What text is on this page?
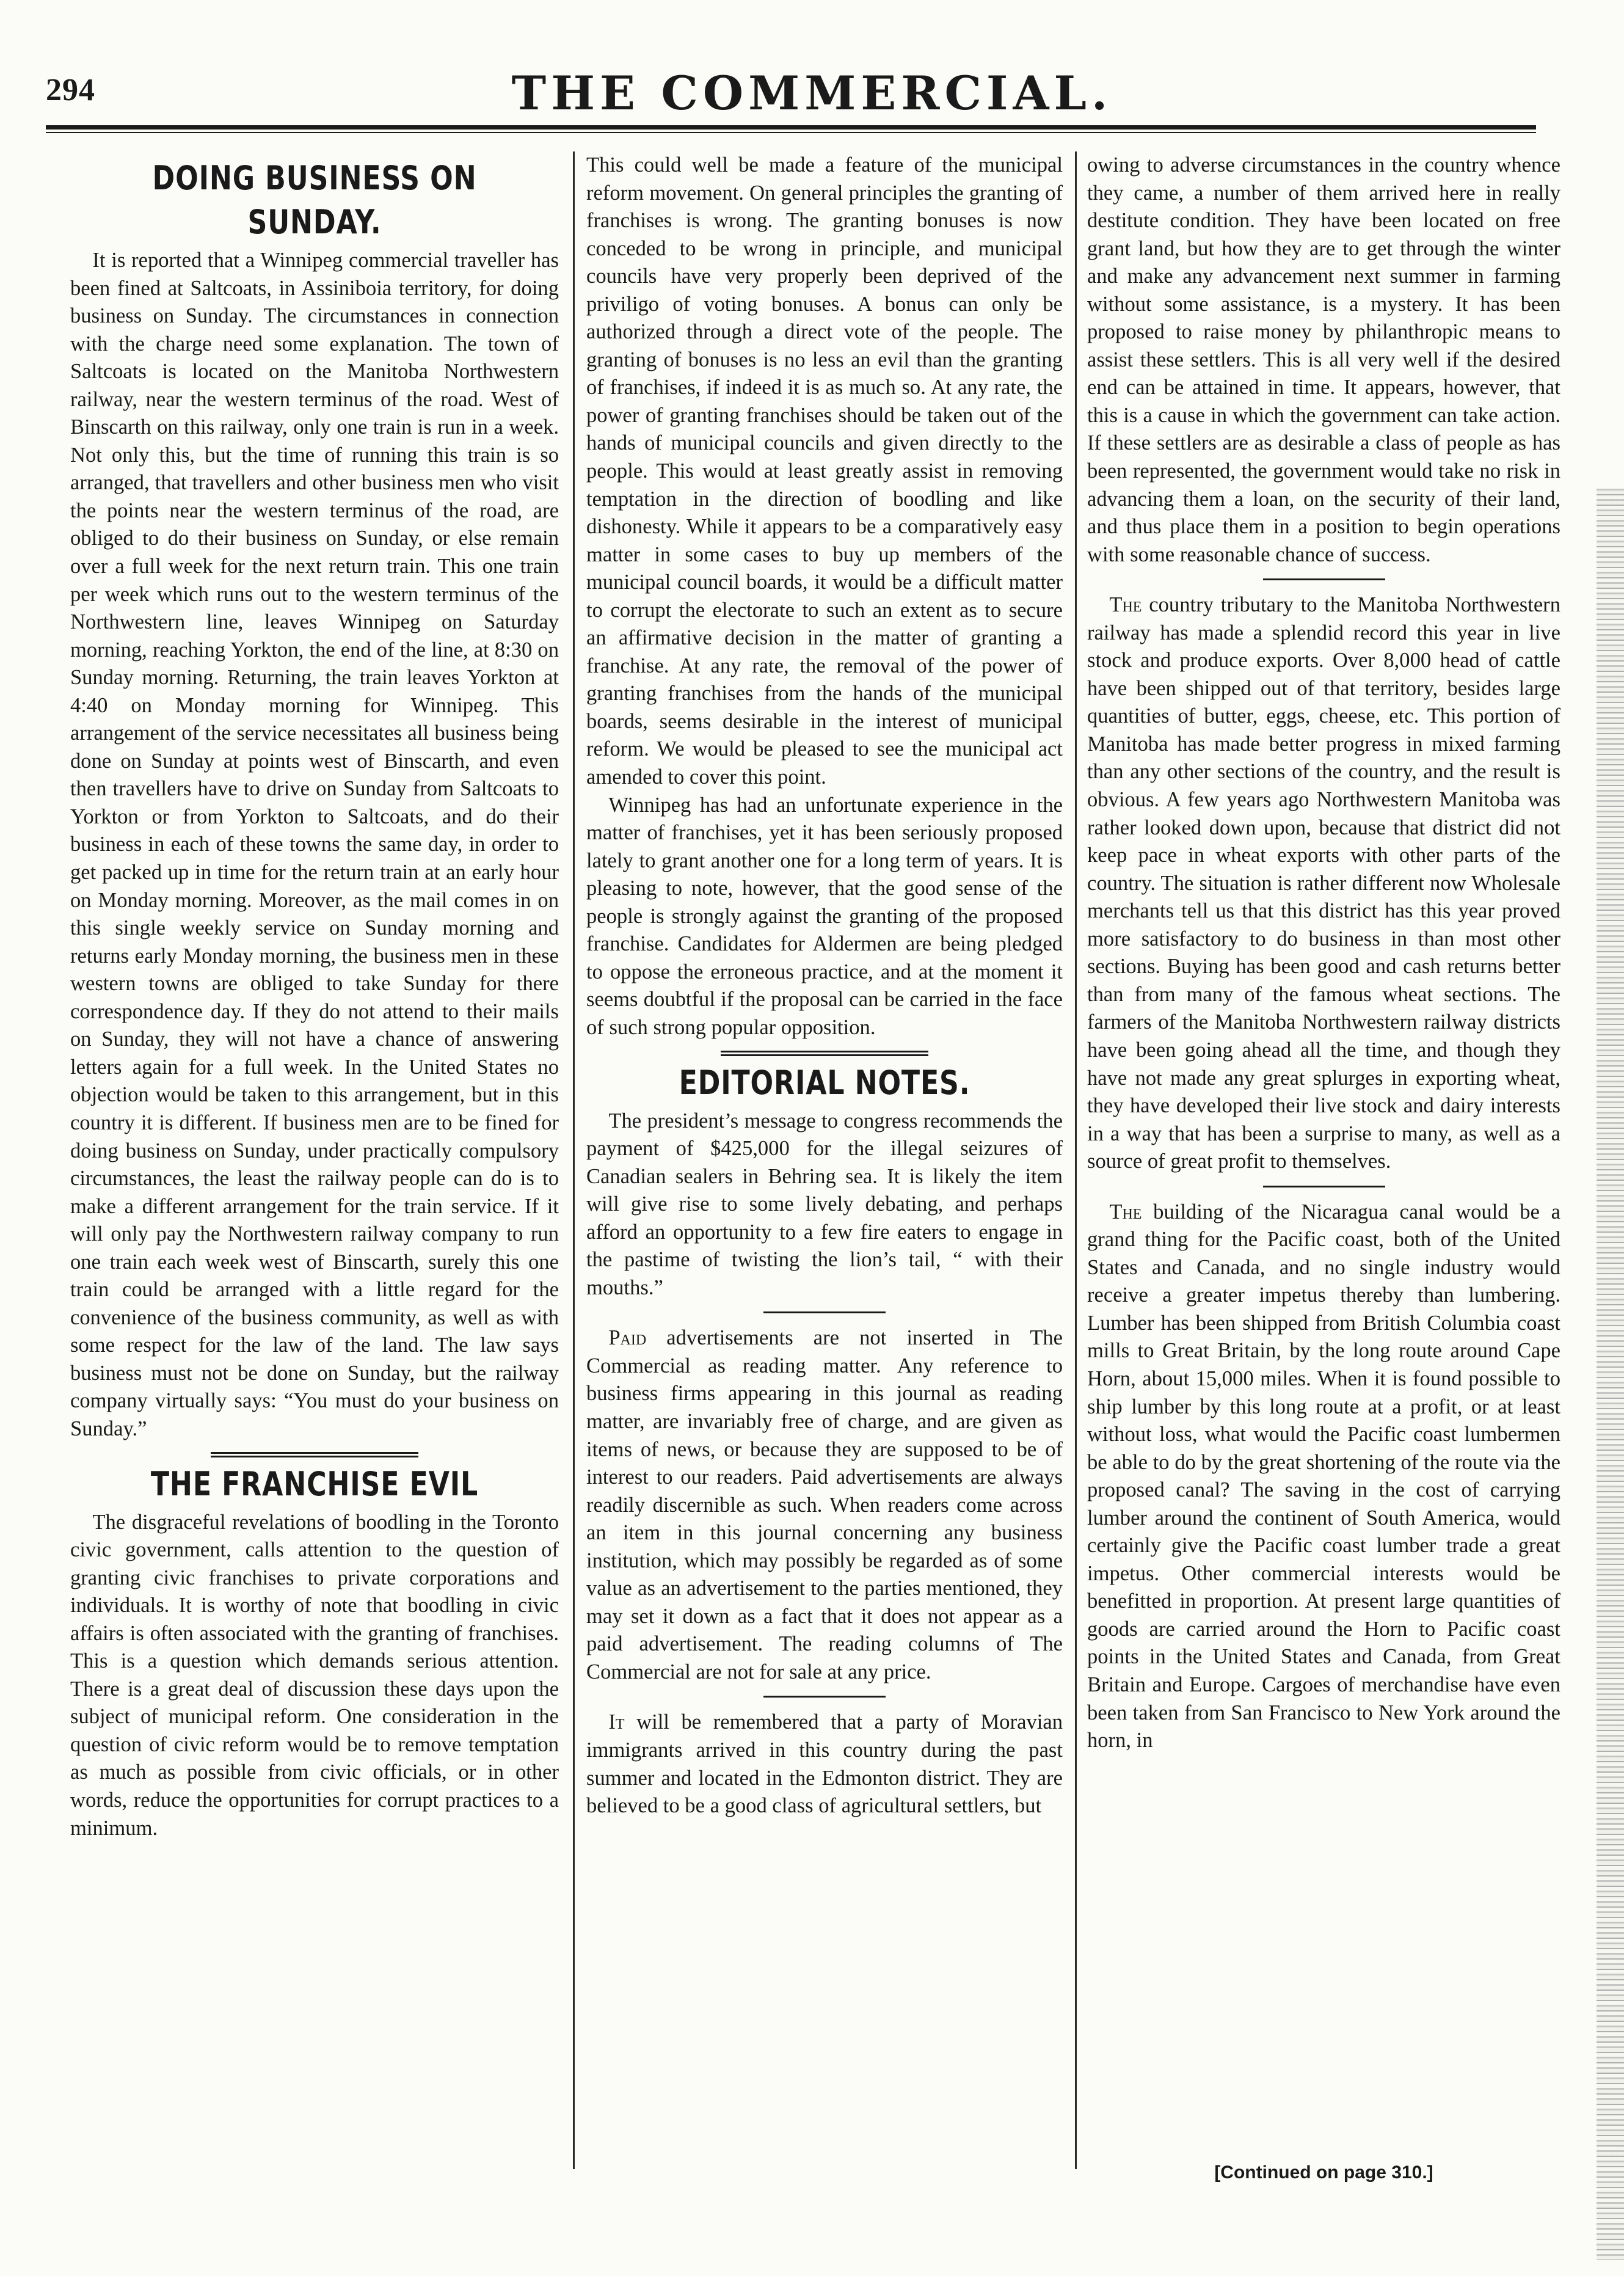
294	THE COMMERCIAL.
DOING BUSINESS ON SUNDAY.

It is reported that a Winnipeg commercial traveller has been fined at Saltcoats, in Assiniboia territory, for doing business on Sunday. The circumstances in connection with the charge need some explanation. The town of Saltcoats is located on the Manitoba Northwestern railway, near the western terminus of the road. West of Binscarth on this railway, only one train is run in a week. Not only this, but the time of running this train is so arranged, that travellers and other business men who visit the points near the western terminus of the road, are obliged to do their business on Sunday, or else remain over a full week for the next return train. This one train per week which runs out to the western terminus of the Northwestern line, leaves Winnipeg on Saturday morning, reaching Yorkton, the end of the line, at 8:30 on Sunday morning. Returning, the train leaves Yorkton at 4:40 on Monday morning for Winnipeg. This arrangement of the service necessitates all business being done on Sunday at points west of Binscarth, and even then travellers have to drive on Sunday from Saltcoats to Yorkton or from Yorkton to Saltcoats, and do their business in each of these towns the same day, in order to get packed up in time for the return train at an early hour on Monday morning. Moreover, as the mail comes in on this single weekly service on Sunday morning and returns early Monday morning, the business men in these western towns are obliged to take Sunday for there correspondence day. If they do not attend to their mails on Sunday, they will not have a chance of answering letters again for a full week. In the United States no objection would be taken to this arrangement, but in this country it is different. If business men are to be fined for doing business on Sunday, under practically compulsory circumstances, the least the railway people can do is to make a different arrangement for the train service. If it will only pay the Northwestern railway company to run one train each week west of Binscarth, surely this one train could be arranged with a little regard for the convenience of the business community, as well as with some respect for the law of the land. The law says business must not be done on Sunday, but the railway company virtually says: “You must do your business on Sunday.”

THE FRANCHISE EVIL

The disgraceful revelations of boodling in the Toronto civic government, calls attention to the question of granting civic franchises to private corporations and individuals. It is worthy of note that boodling in civic affairs is often associated with the granting of franchises. This is a question which demands serious attention. There is a great deal of discussion these days upon the subject of municipal reform. One consideration in the question of civic reform would be to remove temptation as much as possible from civic officials, or in other words, reduce the opportunities for corrupt practices to a minimum.

This could well be made a feature of the municipal reform movement. On general principles the granting of franchises is wrong. The granting bonuses is now conceded to be wrong in principle, and municipal councils have very properly been deprived of the priviligo of voting bonuses. A bonus can only be authorized through a direct vote of the people. The granting of bonuses is no less an evil than the granting of franchises, if indeed it is as much so. At any rate, the power of granting franchises should be taken out of the hands of municipal councils and given directly to the people. This would at least greatly assist in removing temptation in the direction of boodling and like dishonesty. While it appears to be a comparatively easy matter in some cases to buy up members of the municipal council boards, it would be a difficult matter to corrupt the electorate to such an extent as to secure an affirmative decision in the matter of granting a franchise. At any rate, the removal of the power of granting franchises from the hands of the municipal boards, seems desirable in the interest of municipal reform. We would be pleased to see the municipal act amended to cover this point.

Winnipeg has had an unfortunate experience in the matter of franchises, yet it has been seriously proposed lately to grant another one for a long term of years. It is pleasing to note, however, that the good sense of the people is strongly against the granting of the proposed franchise. Candidates for Aldermen are being pledged to oppose the erroneous practice, and at the moment it seems doubtful if the proposal can be carried in the face of such strong popular opposition.

EDITORIAL NOTES.

The president’s message to congress recommends the payment of $425,000 for the illegal seizures of Canadian sealers in Behring sea. It is likely the item will give rise to some lively debating, and perhaps afford an opportunity to a few fire eaters to engage in the pastime of twisting the lion’s tail, “ with their mouths.”

Paid advertisements are not inserted in The Commercial as reading matter. Any reference to business firms appearing in this journal as reading matter, are invariably free of charge, and are given as items of news, or because they are supposed to be of interest to our readers. Paid advertisements are always readily discernible as such. When readers come across an item in this journal concerning any business institution, which may possibly be regarded as of some value as an advertisement to the parties mentioned, they may set it down as a fact that it does not appear as a paid advertisement. The reading columns of The Commercial are not for sale at any price.

It will be remembered that a party of Moravian immigrants arrived in this country during the past summer and located in the Edmonton district. They are believed to be a good class of agricultural settlers, but

owing to adverse circumstances in the country whence they came, a number of them arrived here in really destitute condition. They have been located on free grant land, but how they are to get through the winter and make any advancement next summer in farming without some assistance, is a mystery. It has been proposed to raise money by philanthropic means to assist these settlers. This is all very well if the desired end can be attained in time. It appears, however, that this is a cause in which the government can take action. If these settlers are as desirable a class of people as has been represented, the government would take no risk in advancing them a loan, on the security of their land, and thus place them in a position to begin operations with some reasonable chance of success.

The country tributary to the Manitoba Northwestern railway has made a splendid record this year in live stock and produce exports. Over 8,000 head of cattle have been shipped out of that territory, besides large quantities of butter, eggs, cheese, etc. This portion of Manitoba has made better progress in mixed farming than any other sections of the country, and the result is obvious. A few years ago Northwestern Manitoba was rather looked down upon, because that district did not keep pace in wheat exports with other parts of the country. The situation is rather different now Wholesale merchants tell us that this district has this year proved more satisfactory to do business in than most other sections. Buying has been good and cash returns better than from many of the famous wheat sections. The farmers of the Manitoba Northwestern railway districts have been going ahead all the time, and though they have not made any great splurges in exporting wheat, they have developed their live stock and dairy interests in a way that has been a surprise to many, as well as a source of great profit to themselves.

The building of the Nicaragua canal would be a grand thing for the Pacific coast, both of the United States and Canada, and no single industry would receive a greater impetus thereby than lumbering. Lumber has been shipped from British Columbia coast mills to Great Britain, by the long route around Cape Horn, about 15,000 miles. When it is found possible to ship lumber by this long route at a profit, or at least without loss, what would the Pacific coast lumbermen be able to do by the great shortening of the route via the proposed canal? The saving in the cost of carrying lumber around the continent of South America, would certainly give the Pacific coast lumber trade a great impetus. Other commercial interests would be benefitted in proportion. At present large quantities of goods are carried around the Horn to Pacific coast points in the United States and Canada, from Great Britain and Europe. Cargoes of merchandise have even been taken from San Francisco to New York around the horn, in

[Continued on page 310.]
